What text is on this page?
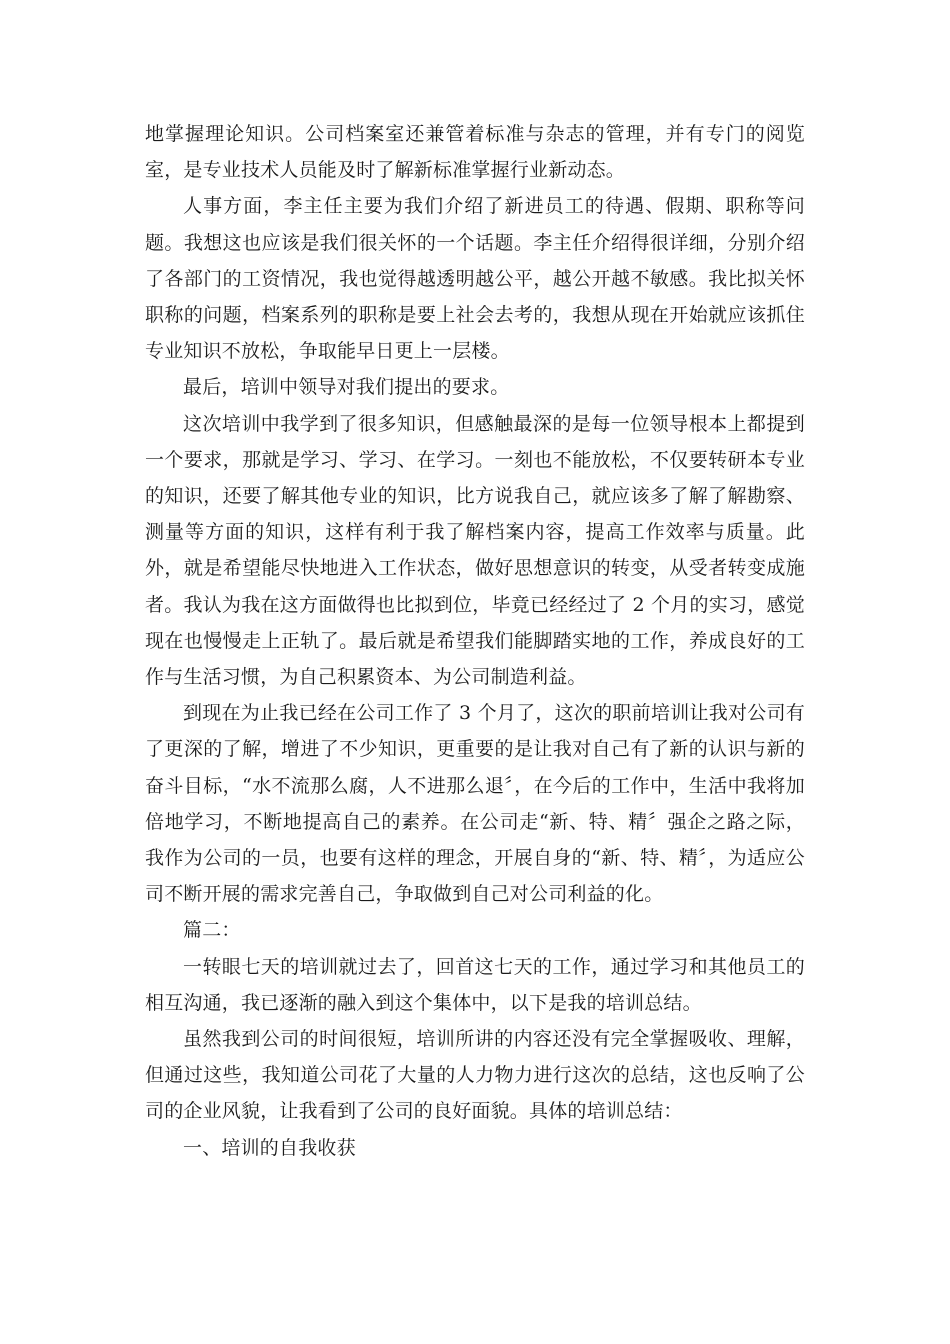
地掌握理论知识。公司档案室还兼管着标准与杂志的管理，并有专门的阅览室，是专业技术人员能及时了解新标准掌握行业新动态。

人事方面，李主任主要为我们介绍了新进员工的待遇、假期、职称等问题。我想这也应该是我们很关怀的一个话题。李主任介绍得很详细，分别介绍了各部门的工资情况，我也觉得越透明越公平，越公开越不敏感。我比拟关怀职称的问题，档案系列的职称是要上社会去考的，我想从现在开始就应该抓住专业知识不放松，争取能早日更上一层楼。

最后，培训中领导对我们提出的要求。

这次培训中我学到了很多知识，但感触最深的是每一位领导根本上都提到一个要求，那就是学习、学习、在学习。一刻也不能放松，不仅要转研本专业的知识，还要了解其他专业的知识，比方说我自己，就应该多了解了解勘察、测量等方面的知识，这样有利于我了解档案内容，提高工作效率与质量。此外，就是希望能尽快地进入工作状态，做好思想意识的转变，从受者转变成施者。我认为我在这方面做得也比拟到位，毕竟已经经过了 2 个月的实习，感觉现在也慢慢走上正轨了。最后就是希望我们能脚踏实地的工作，养成良好的工作与生活习惯，为自己积累资本、为公司制造利益。

到现在为止我已经在公司工作了 3 个月了，这次的职前培训让我对公司有了更深的了解，增进了不少知识，更重要的是让我对自己有了新的认识与新的奋斗目标，“水不流那么腐，人不进那么退〞，在今后的工作中，生活中我将加倍地学习，不断地提高自己的素养。在公司走“新、特、精〞强企之路之际，我作为公司的一员，也要有这样的理念，开展自身的“新、特、精〞，为适应公司不断开展的需求完善自己，争取做到自己对公司利益的化。

篇二：

一转眼七天的培训就过去了，回首这七天的工作，通过学习和其他员工的相互沟通，我已逐渐的融入到这个集体中，以下是我的培训总结。

虽然我到公司的时间很短，培训所讲的内容还没有完全掌握吸收、理解，但通过这些，我知道公司花了大量的人力物力进行这次的总结，这也反响了公司的企业风貌，让我看到了公司的良好面貌。具体的培训总结：

一、培训的自我收获
